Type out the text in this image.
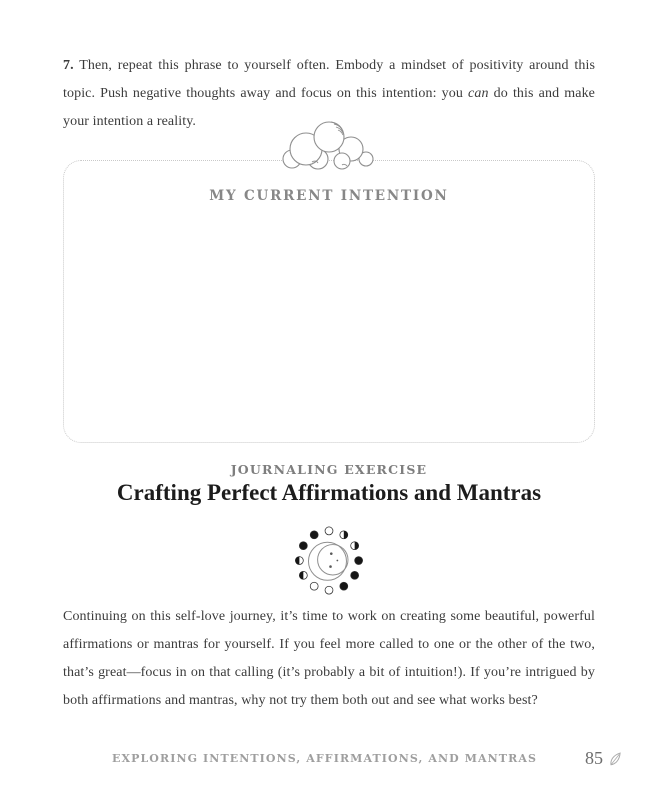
7. Then, repeat this phrase to yourself often. Embody a mindset of positivity around this topic. Push negative thoughts away and focus on this intention: you can do this and make your intention a reality.

MY CURRENT INTENTION
JOURNALING EXERCISE
Crafting Perfect Affirmations and Mantras

Continuing on this self-love journey, it’s time to work on creating some beautiful, powerful affirmations or mantras for yourself. If you feel more called to one or the other of the two, that’s great—focus in on that calling (it’s probably a bit of intuition!). If you’re intrigued by both affirmations and mantras, why not try them both out and see what works best?

EXPLORING INTENTIONS, AFFIRMATIONS, AND MANTRAS	85
